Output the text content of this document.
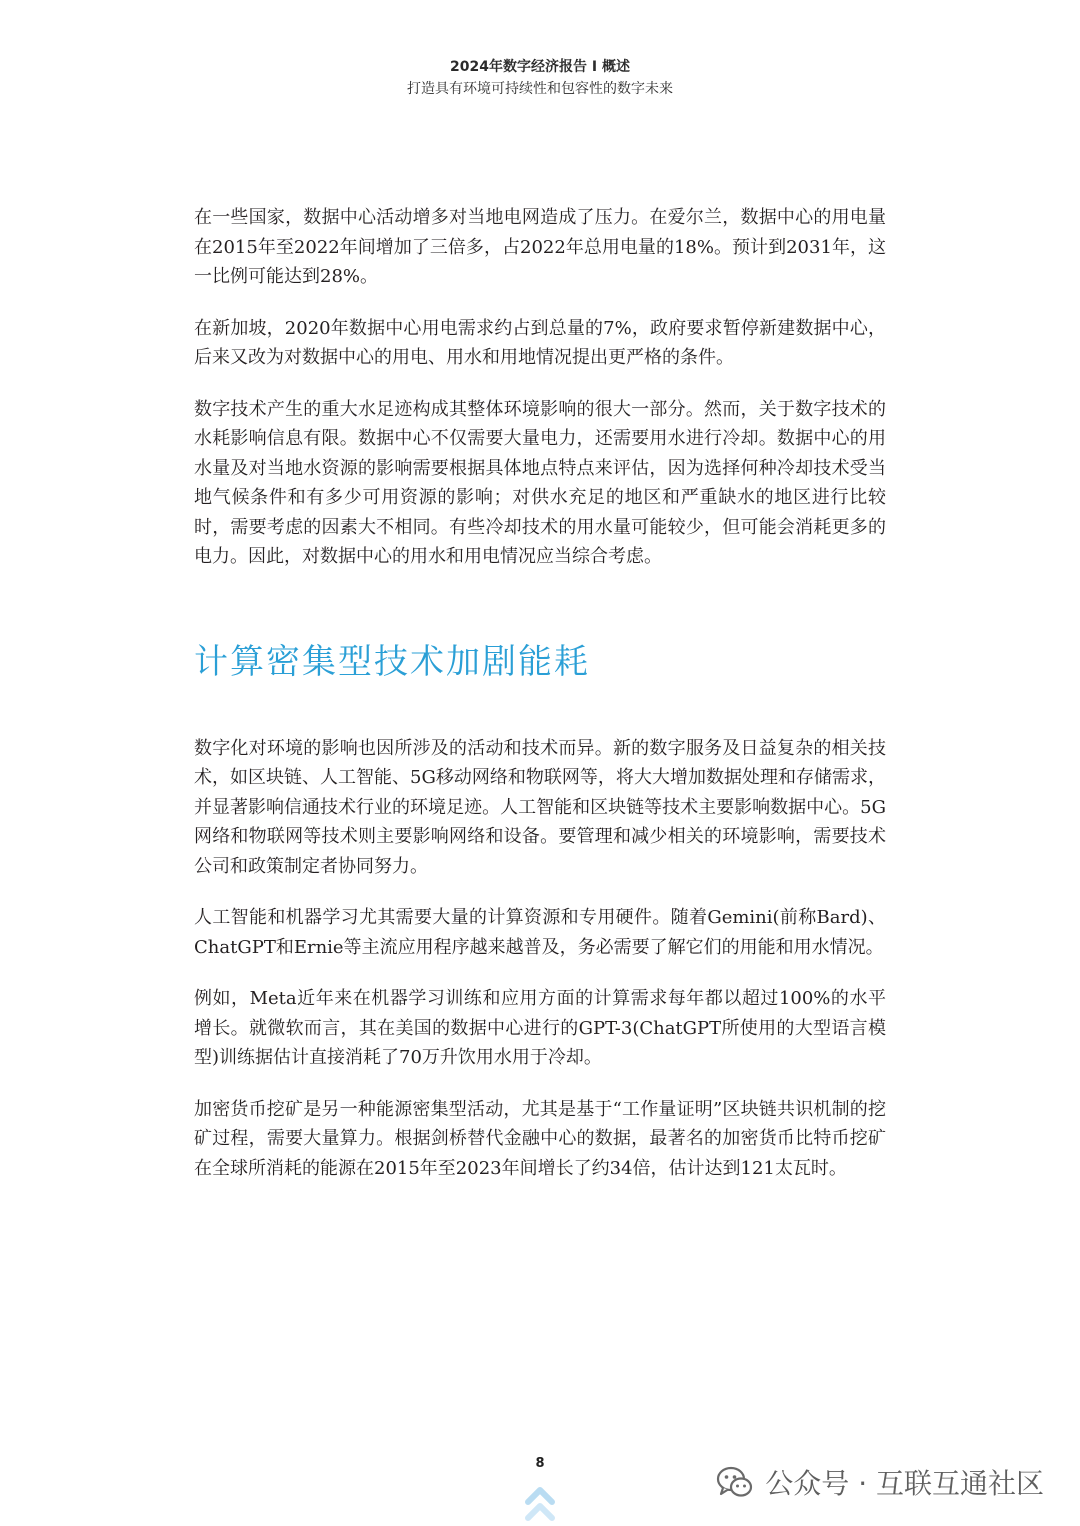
2024年数字经济报告 I 概述
打造具有环境可持续性和包容性的数字未来

在一些国家，数据中心活动增多对当地电网造成了压力。在爱尔兰，数据中心的用电量在2015年至2022年间增加了三倍多，占2022年总用电量的18%。预计到2031年，这一比例可能达到28%。

在新加坡，2020年数据中心用电需求约占到总量的7%，政府要求暂停新建数据中心，后来又改为对数据中心的用电、用水和用地情况提出更严格的条件。

数字技术产生的重大水足迹构成其整体环境影响的很大一部分。然而，关于数字技术的水耗影响信息有限。数据中心不仅需要大量电力，还需要用水进行冷却。数据中心的用水量及对当地水资源的影响需要根据具体地点特点来评估，因为选择何种冷却技术受当地气候条件和有多少可用资源的影响；对供水充足的地区和严重缺水的地区进行比较时，需要考虑的因素大不相同。有些冷却技术的用水量可能较少，但可能会消耗更多的电力。因此，对数据中心的用水和用电情况应当综合考虑。

计算密集型技术加剧能耗

数字化对环境的影响也因所涉及的活动和技术而异。新的数字服务及日益复杂的相关技术，如区块链、人工智能、5G移动网络和物联网等，将大大增加数据处理和存储需求，并显著影响信通技术行业的环境足迹。人工智能和区块链等技术主要影响数据中心。5G网络和物联网等技术则主要影响网络和设备。要管理和减少相关的环境影响，需要技术公司和政策制定者协同努力。

人工智能和机器学习尤其需要大量的计算资源和专用硬件。随着Gemini(前称Bard)、ChatGPT和Ernie等主流应用程序越来越普及，务必需要了解它们的用能和用水情况。

例如，Meta近年来在机器学习训练和应用方面的计算需求每年都以超过100%的水平增长。就微软而言，其在美国的数据中心进行的GPT-3(ChatGPT所使用的大型语言模型)训练据估计直接消耗了70万升饮用水用于冷却。

加密货币挖矿是另一种能源密集型活动，尤其是基于“工作量证明”区块链共识机制的挖矿过程，需要大量算力。根据剑桥替代金融中心的数据，最著名的加密货币比特币挖矿在全球所消耗的能源在2015年至2023年间增长了约34倍，估计达到121太瓦时。

8
公众号 · 互联互通社区
